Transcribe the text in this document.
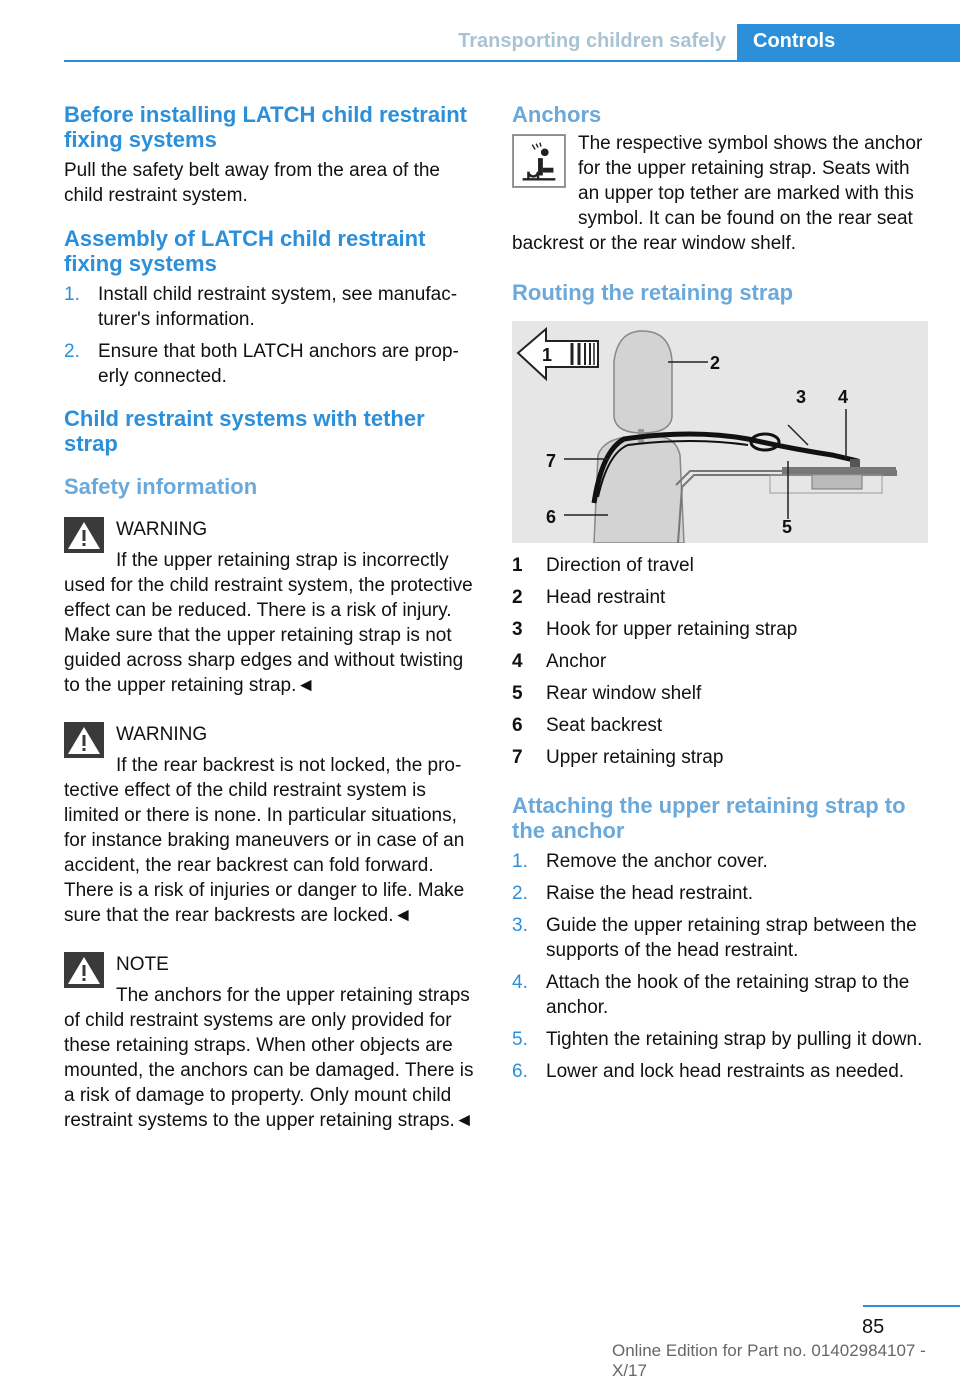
Transporting children safely	Controls
Before installing LATCH child restraint fixing systems

Pull the safety belt away from the area of the child restraint system.

Assembly of LATCH child restraint fixing systems
1. Install child restraint system, see manufacturer's information.
2. Ensure that both LATCH anchors are properly connected.
Child restraint systems with tether strap
Safety information
WARNING
If the upper retaining strap is incorrectly used for the child restraint system, the protective effect can be reduced. There is a risk of injury. Make sure that the upper retaining strap is not guided across sharp edges and without twisting to the upper retaining strap.◄
WARNING
If the rear backrest is not locked, the protective effect of the child restraint system is limited or there is none. In particular situations, for instance braking maneuvers or in case of an accident, the rear backrest can fold forward. There is a risk of injuries or danger to life. Make sure that the rear backrests are locked.◄
NOTE
The anchors for the upper retaining straps of child restraint systems are only provided for these retaining straps. When other objects are mounted, the anchors can be damaged. There is a risk of damage to property. Only mount child restraint systems to the upper retaining straps.◄
Anchors
The respective symbol shows the anchor for the upper retaining strap. Seats with an upper top tether are marked with this symbol. It can be found on the rear seat backrest or the rear window shelf.
Routing the retaining strap
1	2
3 4
5
6
7
1	Direction of travel
2	Head restraint
3	Hook for upper retaining strap
4	Anchor
5	Rear window shelf
6	Seat backrest
7	Upper retaining strap
Attaching the upper retaining strap to the anchor
1. Remove the anchor cover.
2. Raise the head restraint.
3. Guide the upper retaining strap between the supports of the head restraint.
4. Attach the hook of the retaining strap to the anchor.
5. Tighten the retaining strap by pulling it down.
6. Lower and lock head restraints as needed.
85
Online Edition for Part no. 01402984107 - X/17
